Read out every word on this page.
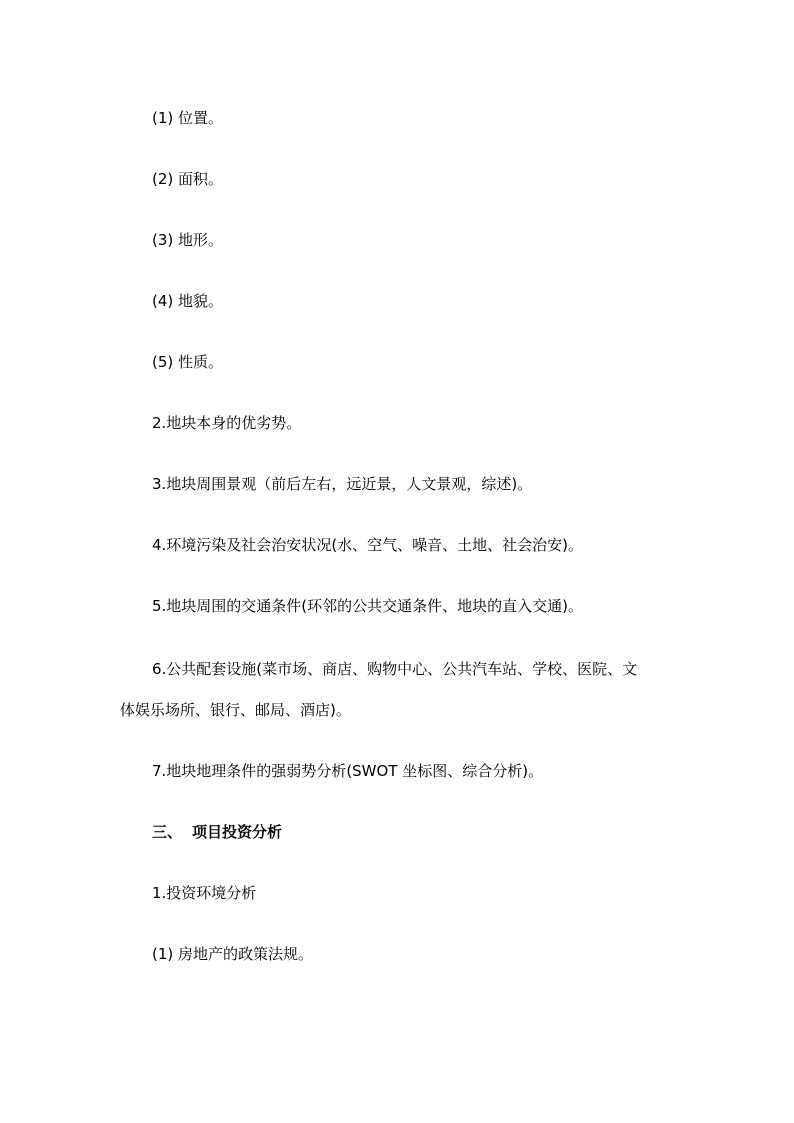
(1) 位置。
(2) 面积。
(3) 地形。
(4) 地貌。
(5) 性质。
2.地块本身的优劣势。
3.地块周围景观（前后左右，远近景，人文景观，综述)。
4.环境污染及社会治安状况(水、空气、噪音、土地、社会治安)。
5.地块周围的交通条件(环邻的公共交通条件、地块的直入交通)。
6.公共配套设施(菜市场、商店、购物中心、公共汽车站、学校、医院、文
体娱乐场所、银行、邮局、酒店)。
7.地块地理条件的强弱势分析(SWOT 坐标图、综合分析)。
三、 项目投资分析
1.投资环境分析
(1) 房地产的政策法规。
